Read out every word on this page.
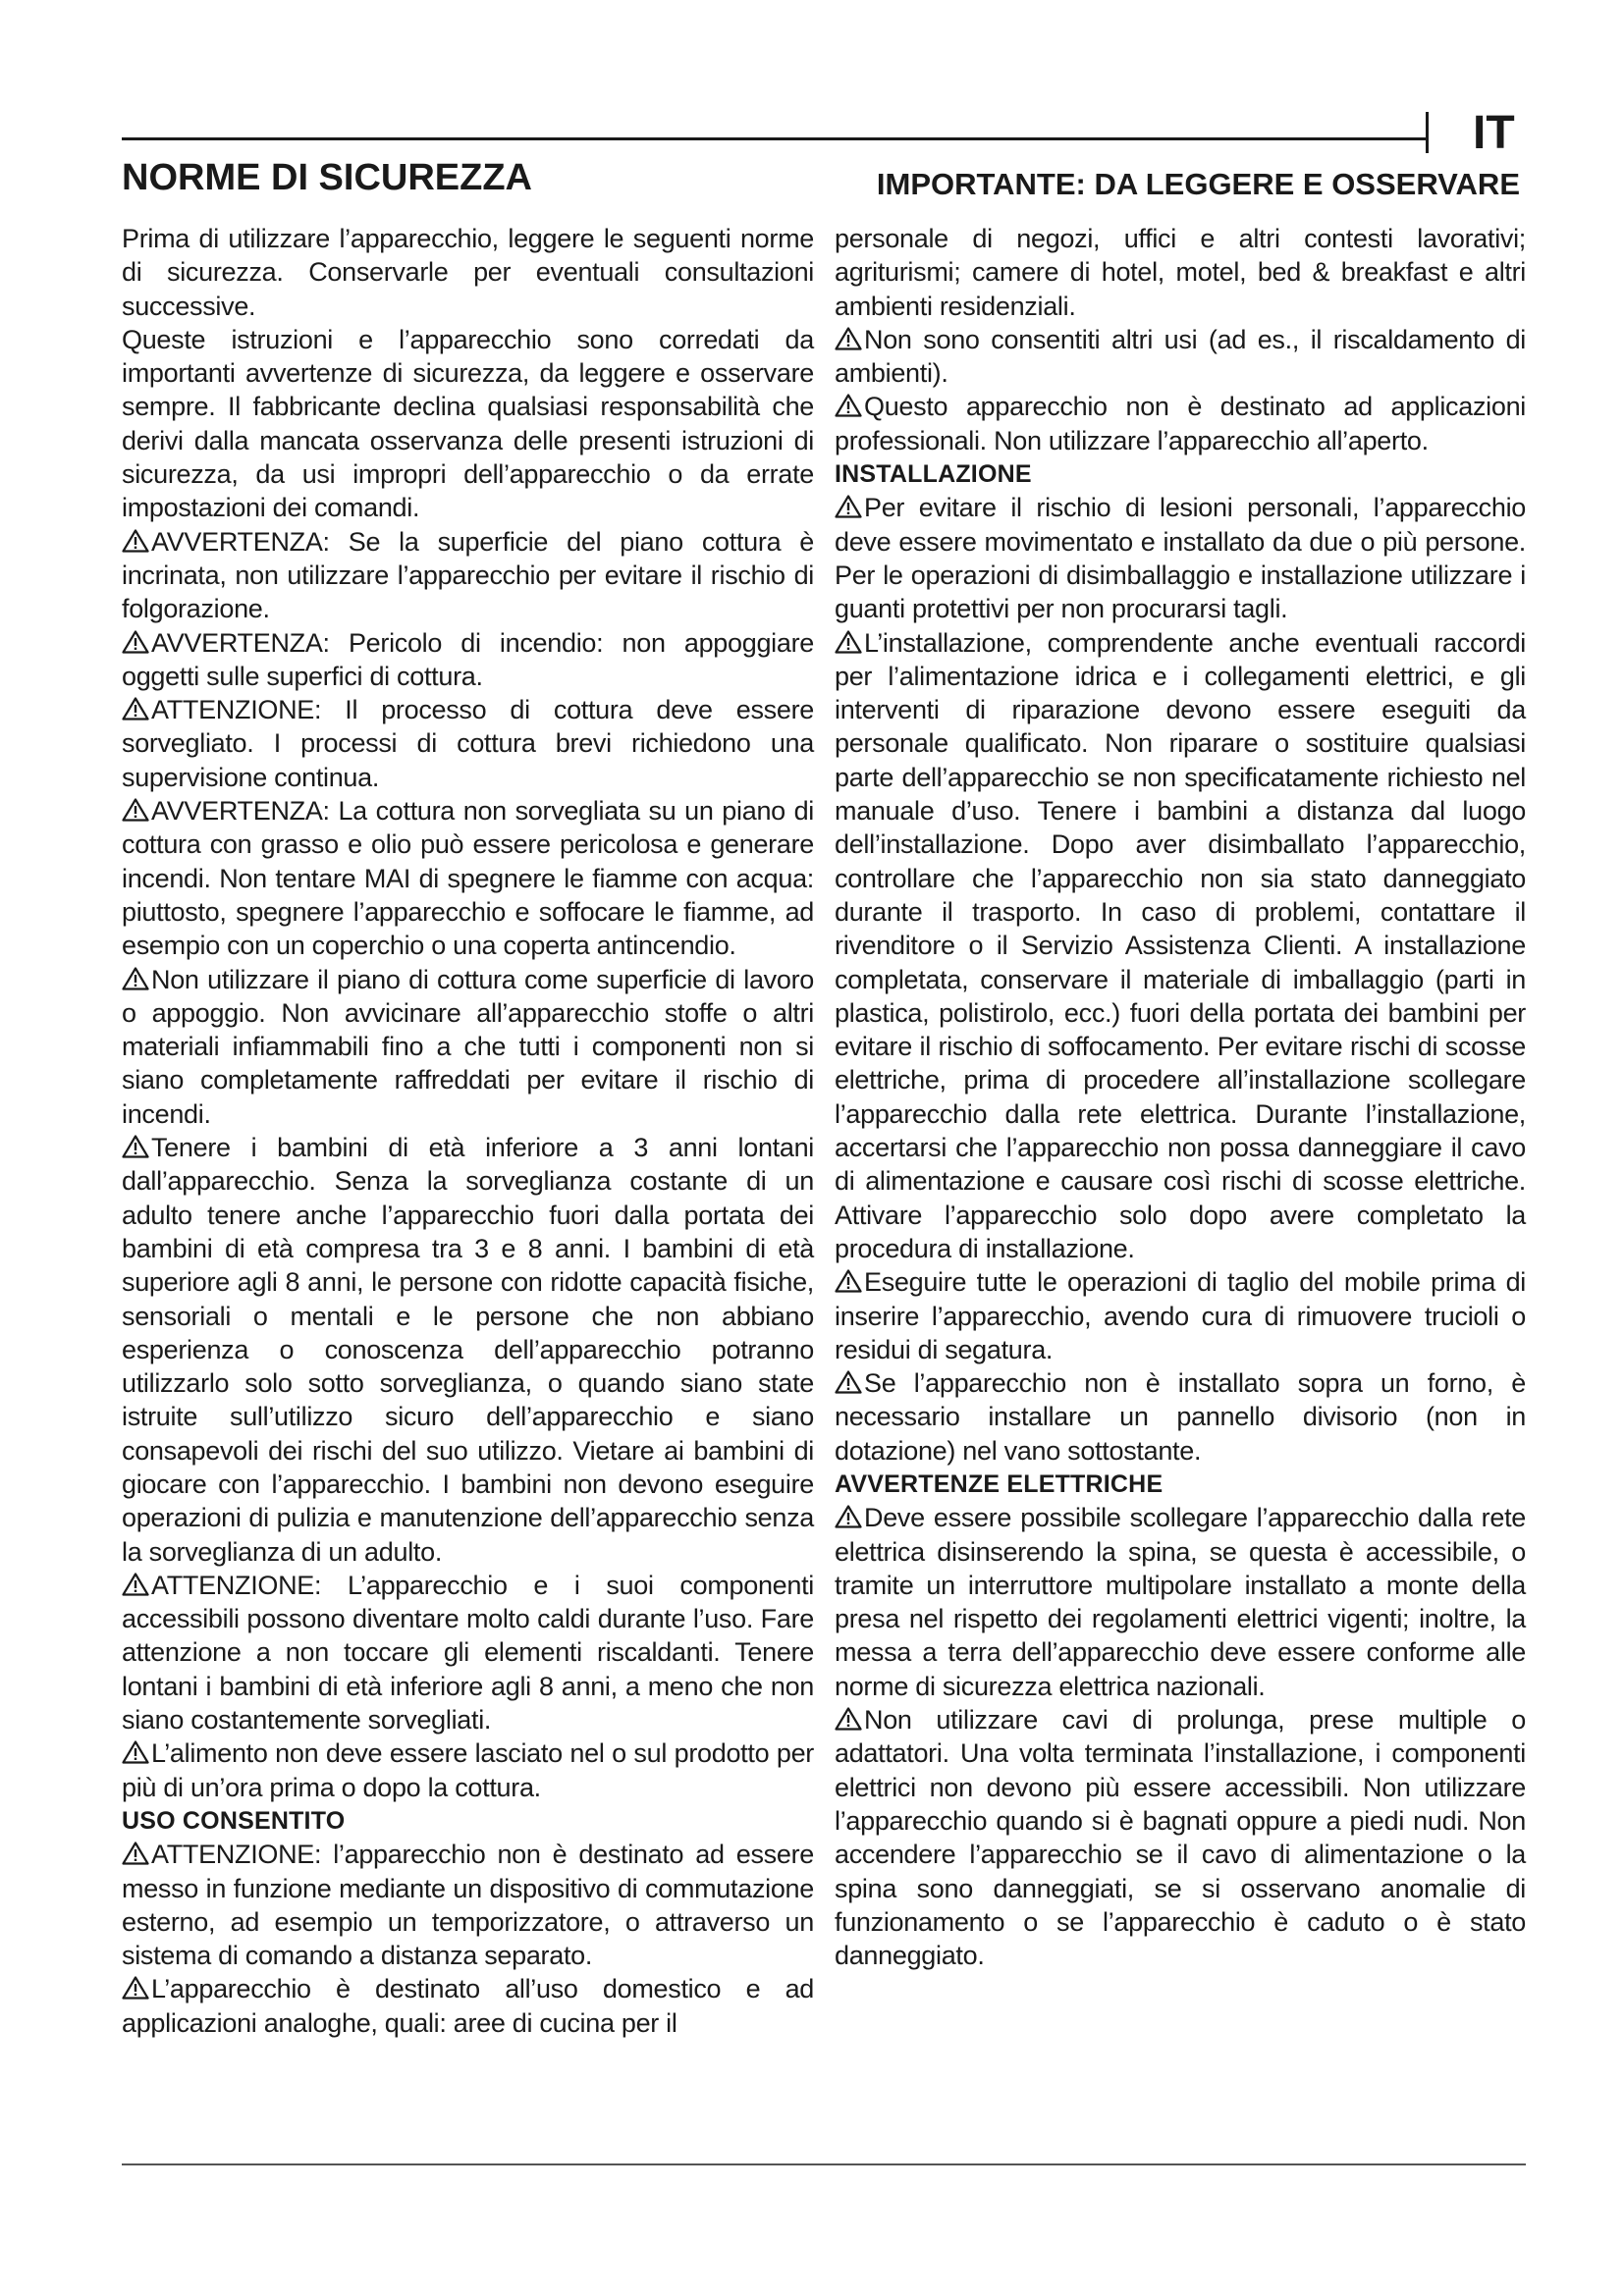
IT
NORME DI SICUREZZA	IMPORTANTE: DA LEGGERE E OSSERVARE

Prima di utilizzare l’apparecchio, leggere le seguenti norme di sicurezza. Conservarle per eventuali consultazioni successive.

Queste istruzioni e l’apparecchio sono corredati da importanti avvertenze di sicurezza, da leggere e osservare sempre. Il fabbricante declina qualsiasi responsabilità che derivi dalla mancata osservanza delle presenti istruzioni di sicurezza, da usi impropri dell’apparecchio o da errate impostazioni dei comandi.

AVVERTENZA: Se la superficie del piano cottura è incrinata, non utilizzare l’apparecchio per evitare il rischio di folgorazione.

AVVERTENZA: Pericolo di incendio: non appoggiare oggetti sulle superfici di cottura.

ATTENZIONE: Il processo di cottura deve essere sorvegliato. I processi di cottura brevi richiedono una supervisione continua.

AVVERTENZA: La cottura non sorvegliata su un piano di cottura con grasso e olio può essere pericolosa e generare incendi. Non tentare MAI di spegnere le fiamme con acqua: piuttosto, spegnere l’apparecchio e soffocare le fiamme, ad esempio con un coperchio o una coperta antincendio.

Non utilizzare il piano di cottura come superficie di lavoro o appoggio. Non avvicinare all’apparecchio stoffe o altri materiali infiammabili fino a che tutti i componenti non si siano completamente raffreddati per evitare il rischio di incendi.

Tenere i bambini di età inferiore a 3 anni lontani dall’apparecchio. Senza la sorveglianza costante di un adulto tenere anche l’apparecchio fuori dalla portata dei bambini di età compresa tra 3 e 8 anni. I bambini di età superiore agli 8 anni, le persone con ridotte capacità fisiche, sensoriali o mentali e le persone che non abbiano esperienza o conoscenza dell’apparecchio potranno utilizzarlo solo sotto sorveglianza, o quando siano state istruite sull’utilizzo sicuro dell’apparecchio e siano consapevoli dei rischi del suo utilizzo. Vietare ai bambini di giocare con l’apparecchio. I bambini non devono eseguire operazioni di pulizia e manutenzione dell’apparecchio senza la sorveglianza di un adulto.

ATTENZIONE: L’apparecchio e i suoi componenti accessibili possono diventare molto caldi durante l’uso. Fare attenzione a non toccare gli elementi riscaldanti. Tenere lontani i bambini di età inferiore agli 8 anni, a meno che non siano costantemente sorvegliati.

L’alimento non deve essere lasciato nel o sul prodotto per più di un’ora prima o dopo la cottura.

USO CONSENTITO

ATTENZIONE: l’apparecchio non è destinato ad essere messo in funzione mediante un dispositivo di commutazione esterno, ad esempio un temporizzatore, o attraverso un sistema di comando a distanza separato.

L’apparecchio è destinato all’uso domestico e ad applicazioni analoghe, quali: aree di cucina per il

personale di negozi, uffici e altri contesti lavorativi; agriturismi; camere di hotel, motel, bed & breakfast e altri ambienti residenziali.

Non sono consentiti altri usi (ad es., il riscaldamento di ambienti).

Questo apparecchio non è destinato ad applicazioni professionali. Non utilizzare l’apparecchio all’aperto.

INSTALLAZIONE

Per evitare il rischio di lesioni personali, l’apparecchio deve essere movimentato e installato da due o più persone. Per le operazioni di disimballaggio e installazione utilizzare i guanti protettivi per non procurarsi tagli.

L’installazione, comprendente anche eventuali raccordi per l’alimentazione idrica e i collegamenti elettrici, e gli interventi di riparazione devono essere eseguiti da personale qualificato. Non riparare o sostituire qualsiasi parte dell’apparecchio se non specificatamente richiesto nel manuale d’uso. Tenere i bambini a distanza dal luogo dell’installazione. Dopo aver disimballato l’apparecchio, controllare che l’apparecchio non sia stato danneggiato durante il trasporto. In caso di problemi, contattare il rivenditore o il Servizio Assistenza Clienti. A installazione completata, conservare il materiale di imballaggio (parti in plastica, polistirolo, ecc.) fuori della portata dei bambini per evitare il rischio di soffocamento. Per evitare rischi di scosse elettriche, prima di procedere all’installazione scollegare l’apparecchio dalla rete elettrica. Durante l’installazione, accertarsi che l’apparecchio non possa danneggiare il cavo di alimentazione e causare così rischi di scosse elettriche. Attivare l’apparecchio solo dopo avere completato la procedura di installazione.

Eseguire tutte le operazioni di taglio del mobile prima di inserire l’apparecchio, avendo cura di rimuovere trucioli o residui di segatura.

Se l’apparecchio non è installato sopra un forno, è necessario installare un pannello divisorio (non in dotazione) nel vano sottostante.

AVVERTENZE ELETTRICHE

Deve essere possibile scollegare l’apparecchio dalla rete elettrica disinserendo la spina, se questa è accessibile, o tramite un interruttore multipolare installato a monte della presa nel rispetto dei regolamenti elettrici vigenti; inoltre, la messa a terra dell’apparecchio deve essere conforme alle norme di sicurezza elettrica nazionali.

Non utilizzare cavi di prolunga, prese multiple o adattatori. Una volta terminata l’installazione, i componenti elettrici non devono più essere accessibili. Non utilizzare l’apparecchio quando si è bagnati oppure a piedi nudi. Non accendere l’apparecchio se il cavo di alimentazione o la spina sono danneggiati, se si osservano anomalie di funzionamento o se l’apparecchio è caduto o è stato danneggiato.
